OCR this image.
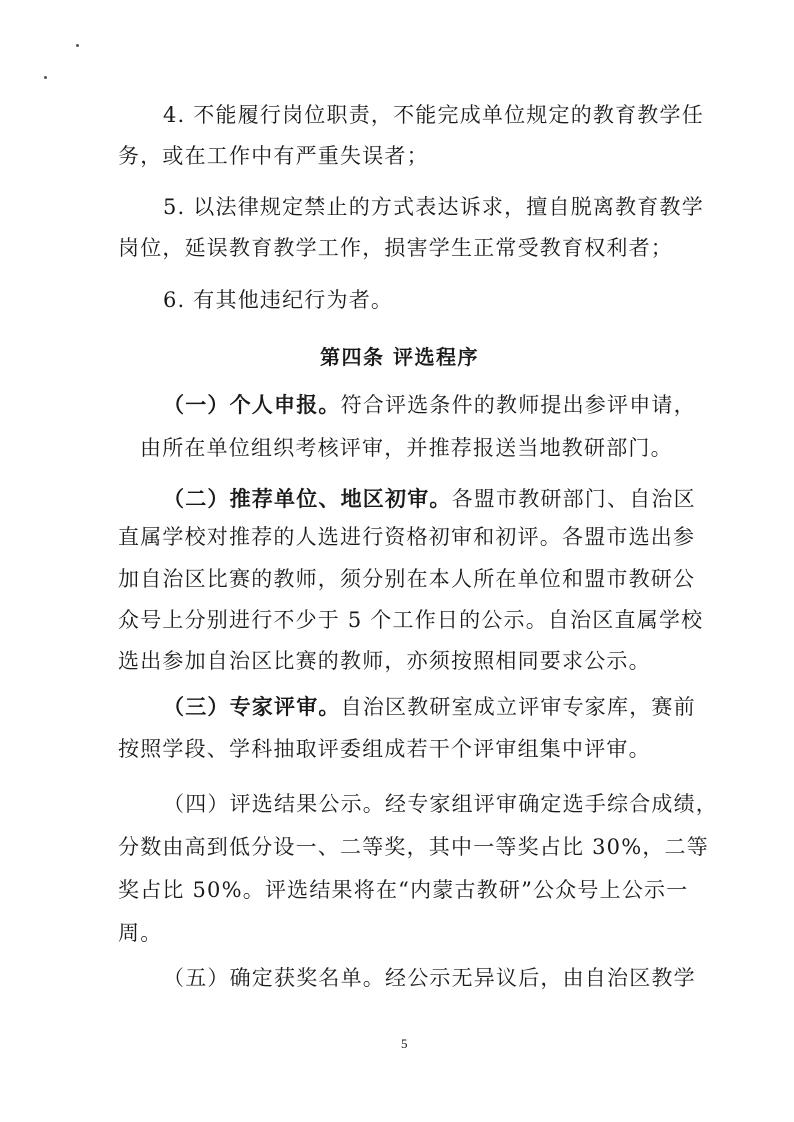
4. 不能履行岗位职责，不能完成单位规定的教育教学任
务，或在工作中有严重失误者；
5. 以法律规定禁止的方式表达诉求，擅自脱离教育教学
岗位，延误教育教学工作，损害学生正常受教育权利者；
6. 有其他违纪行为者。
第四条 评选程序
（一）个人申报。符合评选条件的教师提出参评申请，
由所在单位组织考核评审，并推荐报送当地教研部门。
（二）推荐单位、地区初审。各盟市教研部门、自治区
直属学校对推荐的人选进行资格初审和初评。各盟市选出参
加自治区比赛的教师，须分别在本人所在单位和盟市教研公
众号上分别进行不少于 5 个工作日的公示。自治区直属学校
选出参加自治区比赛的教师，亦须按照相同要求公示。
（三）专家评审。自治区教研室成立评审专家库，赛前
按照学段、学科抽取评委组成若干个评审组集中评审。
（四）评选结果公示。经专家组评审确定选手综合成绩，
分数由高到低分设一、二等奖，其中一等奖占比 30%，二等
奖占比 50%。评选结果将在“内蒙古教研”公众号上公示一
周。
（五）确定获奖名单。经公示无异议后，由自治区教学
5
